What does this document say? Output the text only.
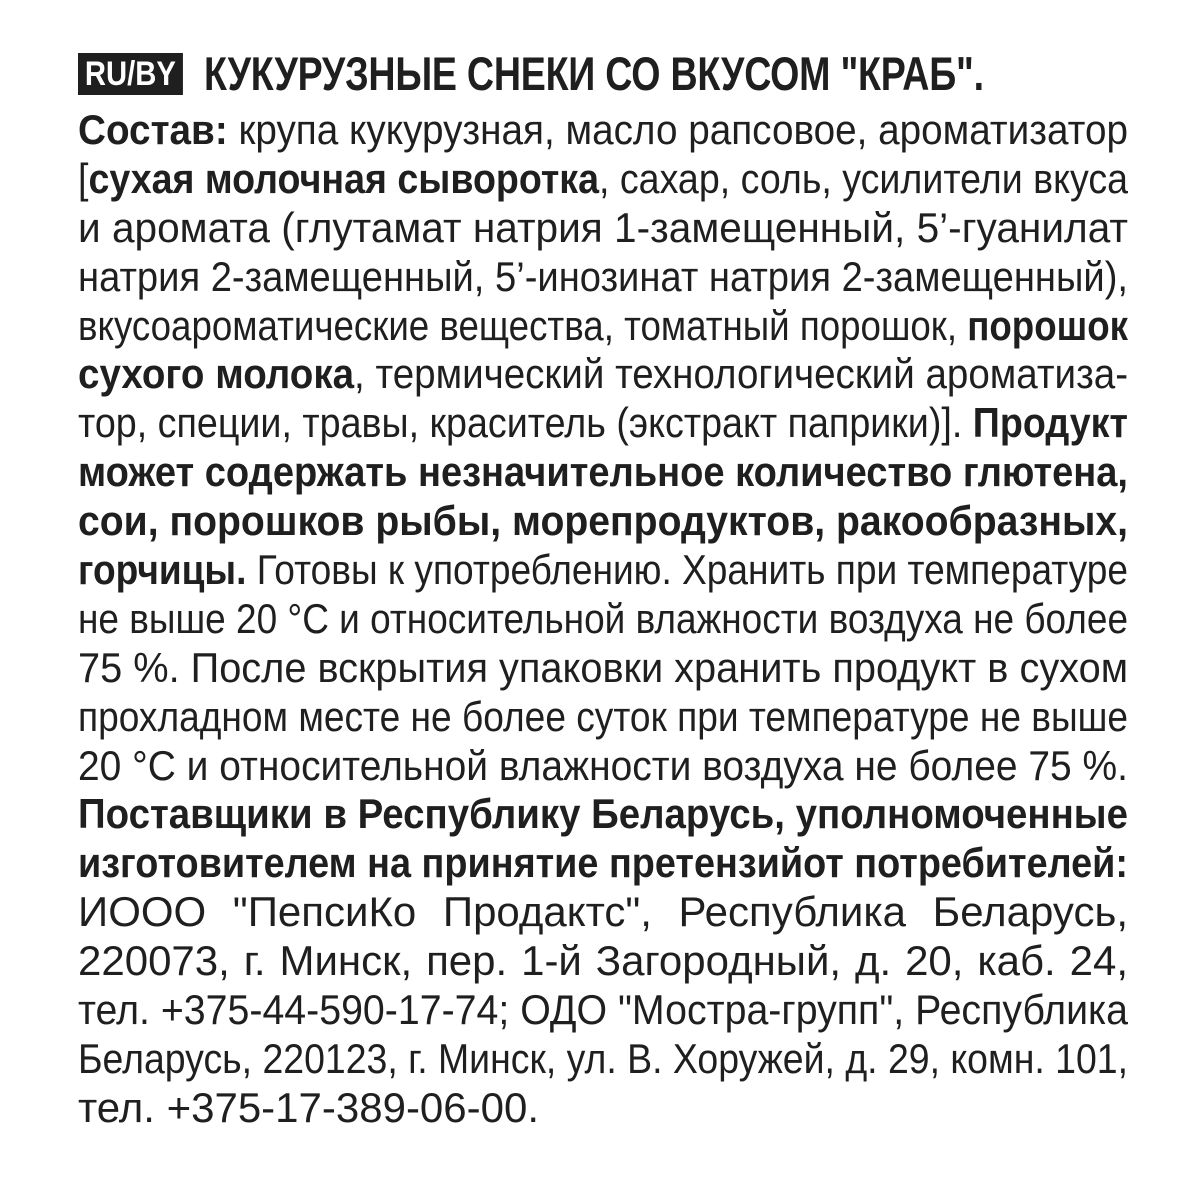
RU/BY КУКУРУЗНЫЕ СНЕКИ СО ВКУСОМ "КРАБ".
Состав: крупа кукурузная, масло рапсовое, ароматизатор
[сухая молочная сыворотка, сахар, соль, усилители вкуса
и аромата (глутамат натрия 1-замещенный, 5’-гуанилат
натрия 2-замещенный, 5’-инозинат натрия 2-замещенный),
вкусоароматические вещества, томатный порошок, порошок
сухого молока, термический технологический ароматиза-
тор, специи, травы, краситель (экстракт паприки)]. Продукт
может содержать незначительное количество глютена,
сои, порошков рыбы, морепродуктов, ракообразных,
горчицы. Готовы к употреблению. Хранить при температуре
не выше 20 °С и относительной влажности воздуха не более
75 %. После вскрытия упаковки хранить продукт в сухом
прохладном месте не более суток при температуре не выше
20 °С и относительной влажности воздуха не более 75 %.
Поставщики в Республику Беларусь, уполномоченные
изготовителем на принятие претензийот потребителей:
ИООО "ПепсиКо Продактс", Республика Беларусь,
220073, г. Минск, пер. 1-й Загородный, д. 20, каб. 24,
тел. +375-44-590-17-74; ОДО "Мостра-групп", Республика
Беларусь, 220123, г. Минск, ул. В. Хоружей, д. 29, комн. 101,
тел. +375-17-389-06-00.
